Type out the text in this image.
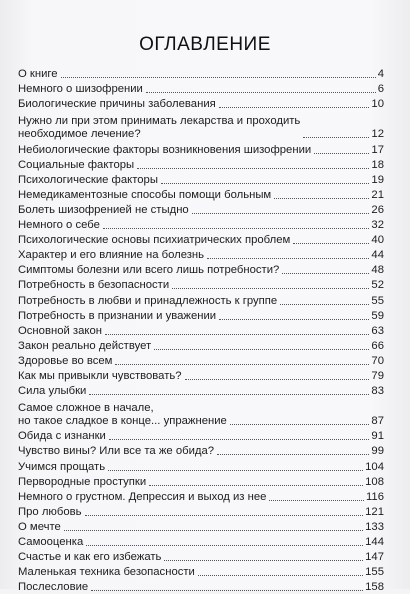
ОГЛАВЛЕНИЕ
О книге	4
Немного о шизофрении	6
Биологические причины заболевания	10
Нужно ли при этом принимать лекарства и проходить
необходимое лечение?	12
Небиологические факторы возникновения шизофрении	17
Социальные факторы	18
Психологические факторы	19
Немедикаментозные способы помощи больным	21
Болеть шизофренией не стыдно	26
Немного о себе	32
Психологические основы психиатрических проблем	40
Характер и его влияние на болезнь	44
Симптомы болезни или всего лишь потребности?	48
Потребность в безопасности	52
Потребность в любви и принадлежность к группе	55
Потребность в признании и уважении	59
Основной закон	63
Закон реально действует	66
Здоровье во всем	70
Как мы привыкли чувствовать?	79
Сила улыбки	83
Самое сложное в начале,
но такое сладкое в конце... упражнение	87
Обида с изнанки	91
Чувство вины? Или все та же обида?	99
Учимся прощать	104
Первородные проступки	108
Немного о грустном. Депрессия и выход из нее	116
Про любовь	121
О мечте	133
Самооценка	144
Счастье и как его избежать	147
Маленькая техника безопасности	155
Послесловие	158
